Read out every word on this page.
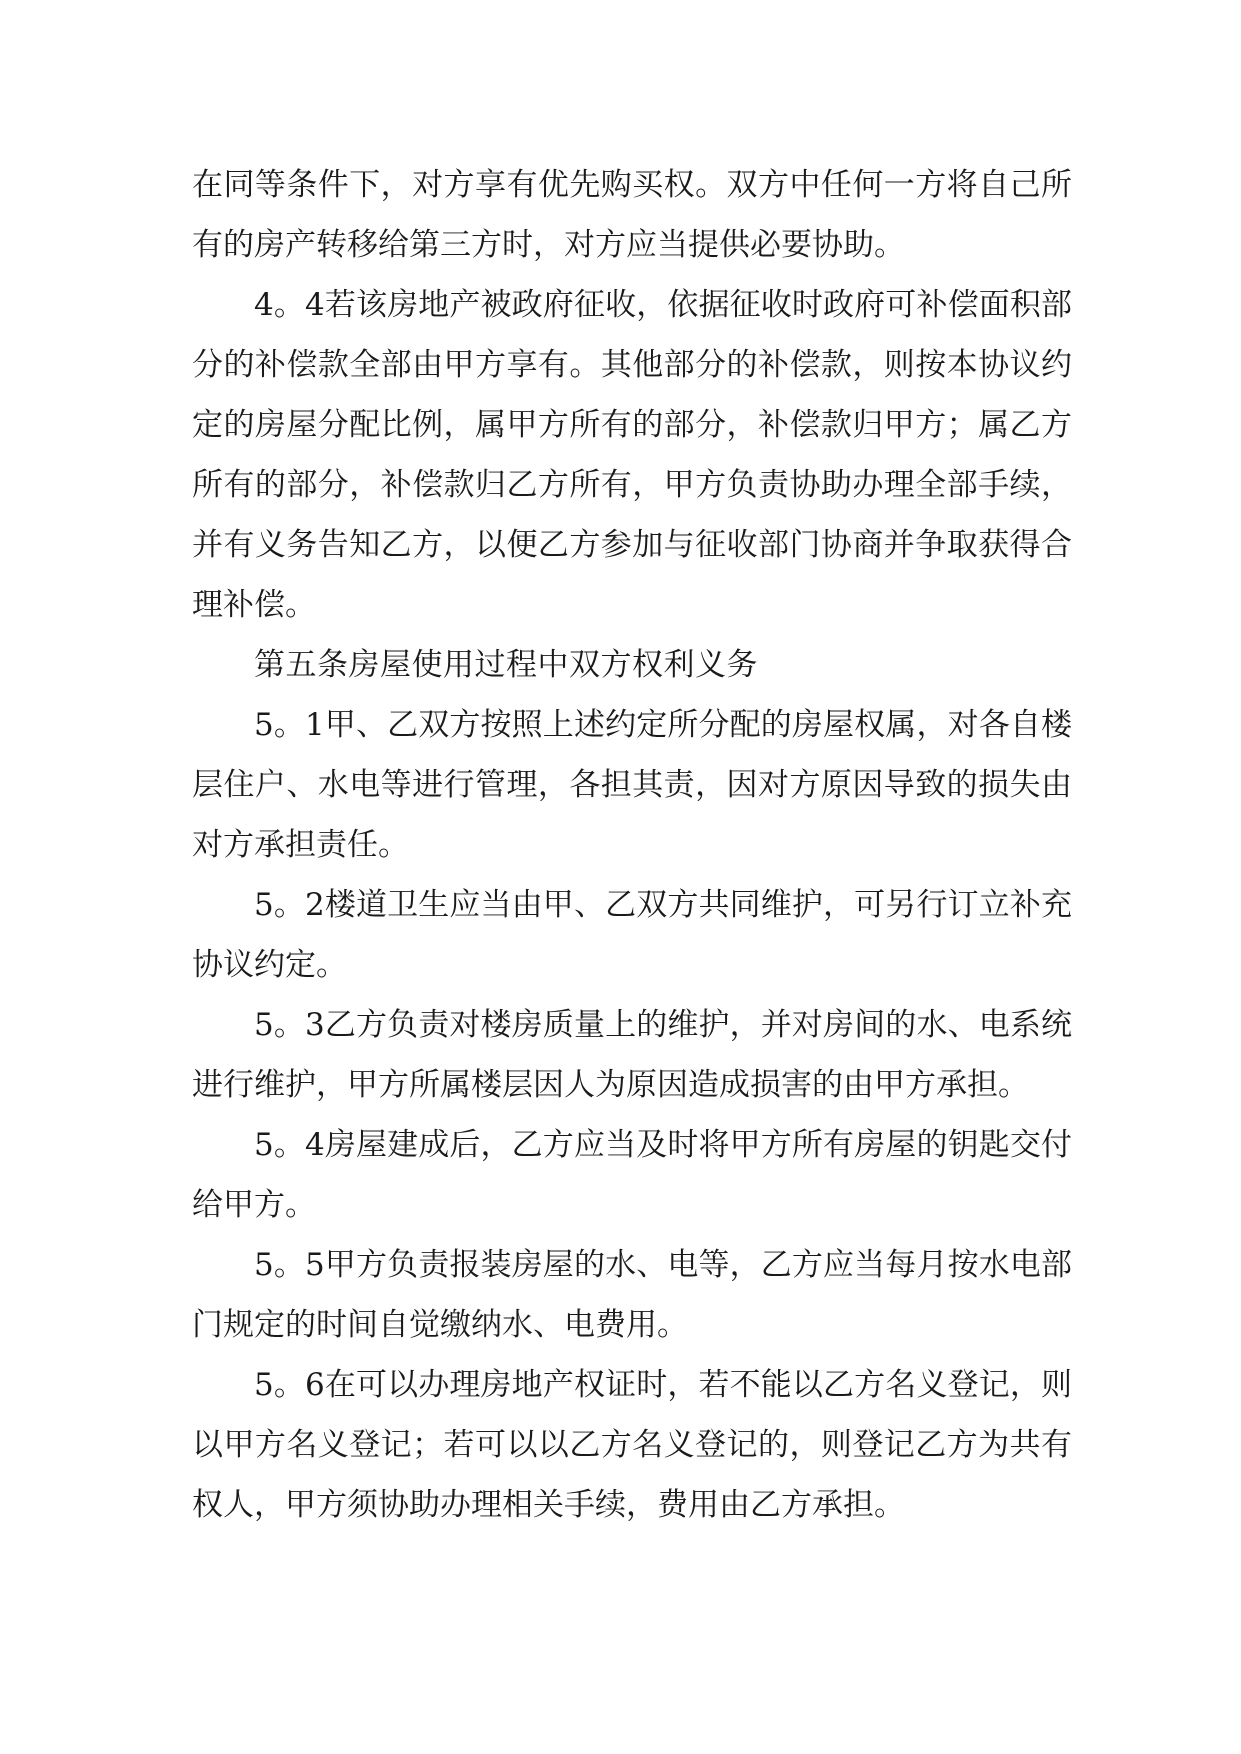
在同等条件下，对方享有优先购买权。双方中任何一方将自己所有的房产转移给第三方时，对方应当提供必要协助。

4。4若该房地产被政府征收，依据征收时政府可补偿面积部分的补偿款全部由甲方享有。其他部分的补偿款，则按本协议约定的房屋分配比例，属甲方所有的部分，补偿款归甲方；属乙方所有的部分，补偿款归乙方所有，甲方负责协助办理全部手续，并有义务告知乙方，以便乙方参加与征收部门协商并争取获得合理补偿。

第五条房屋使用过程中双方权利义务

5。1甲、乙双方按照上述约定所分配的房屋权属，对各自楼层住户、水电等进行管理，各担其责，因对方原因导致的损失由对方承担责任。

5。2楼道卫生应当由甲、乙双方共同维护，可另行订立补充协议约定。

5。3乙方负责对楼房质量上的维护，并对房间的水、电系统进行维护，甲方所属楼层因人为原因造成损害的由甲方承担。

5。4房屋建成后，乙方应当及时将甲方所有房屋的钥匙交付给甲方。

5。5甲方负责报装房屋的水、电等，乙方应当每月按水电部门规定的时间自觉缴纳水、电费用。

5。6在可以办理房地产权证时，若不能以乙方名义登记，则以甲方名义登记；若可以以乙方名义登记的，则登记乙方为共有权人，甲方须协助办理相关手续，费用由乙方承担。
